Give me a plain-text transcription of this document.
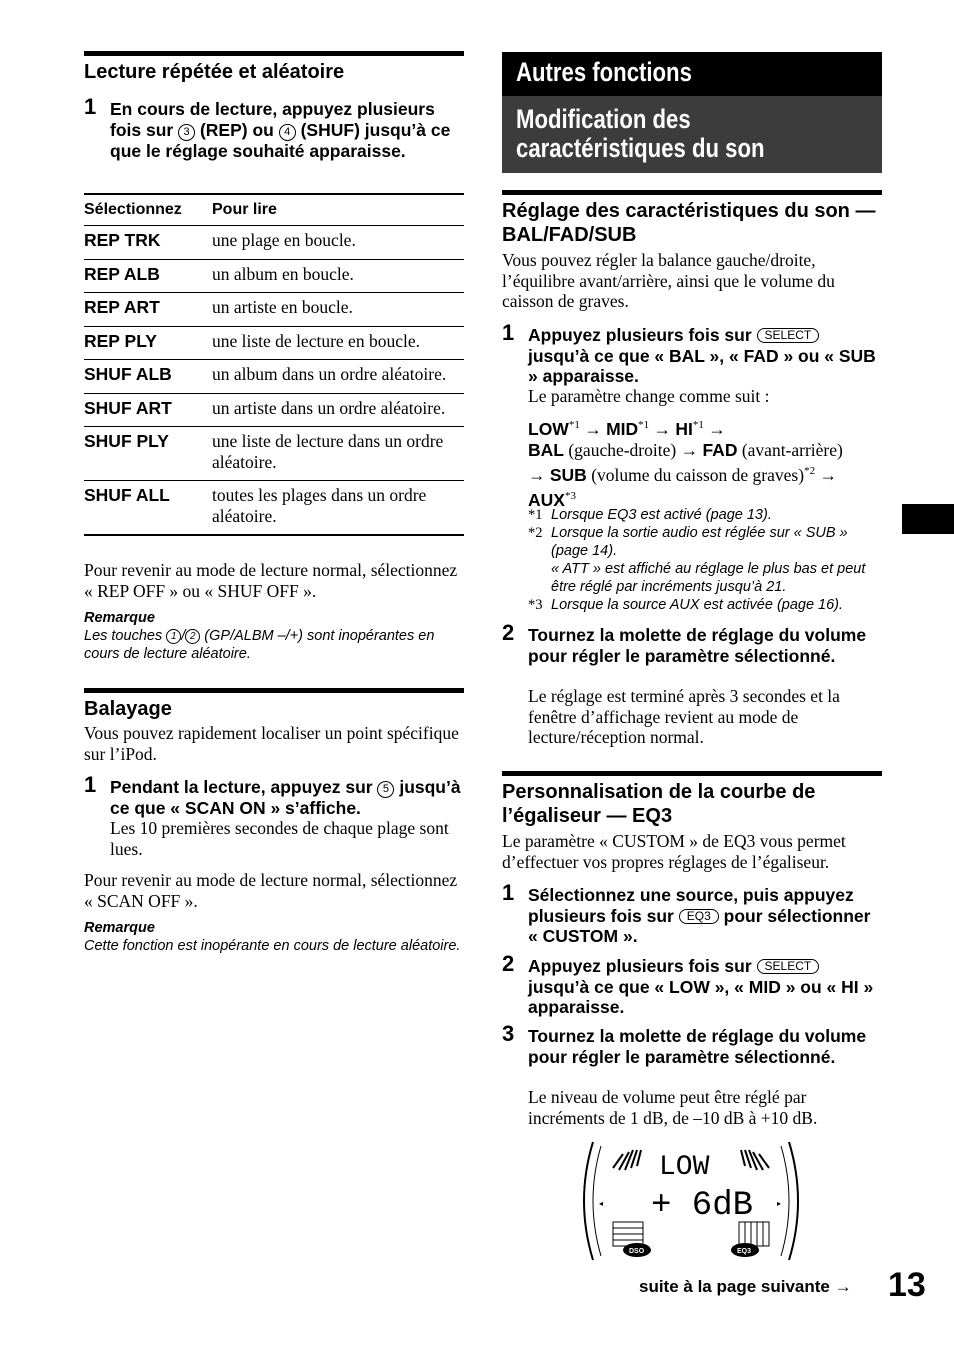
Lecture répétée et aléatoire
1 En cours de lecture, appuyez plusieurs fois sur 3 (REP) ou 4 (SHUF) jusqu’à ce que le réglage souhaité apparaisse.
Sélectionnez	Pour lire
REP TRK	une plage en boucle.
REP ALB	un album en boucle.
REP ART	un artiste en boucle.
REP PLY	une liste de lecture en boucle.
SHUF ALB	un album dans un ordre aléatoire.
SHUF ART	un artiste dans un ordre aléatoire.
SHUF PLY	une liste de lecture dans un ordre aléatoire.
SHUF ALL	toutes les plages dans un ordre aléatoire.
Pour revenir au mode de lecture normal, sélectionnez « REP OFF » ou « SHUF OFF ».
Remarque
Les touches 1 / 2 (GP/ALBM –/+) sont inopérantes en cours de lecture aléatoire.
Balayage
Vous pouvez rapidement localiser un point spécifique sur l’iPod.
1 Pendant la lecture, appuyez sur 5 jusqu’à ce que « SCAN ON » s’affiche.
Les 10 premières secondes de chaque plage sont lues.
Pour revenir au mode de lecture normal, sélectionnez « SCAN OFF ».
Remarque
Cette fonction est inopérante en cours de lecture aléatoire.
Autres fonctions
Modification des
caractéristiques du son
Réglage des caractéristiques du son — BAL/FAD/SUB
Vous pouvez régler la balance gauche/droite, l’équilibre avant/arrière, ainsi que le volume du caisson de graves.
1 Appuyez plusieurs fois sur SELECT jusqu’à ce que « BAL », « FAD » ou « SUB » apparaisse.
Le paramètre change comme suit :
$LOW^{*1} \to MID^{*1} \to HI^{*1}$ →
BAL (gauche-droite) → FAD (avant-arrière)
→ SUB (volume du caisson de graves)$^{*2}$ →
$AUX^{*3}$
*1 Lorsque EQ3 est activé (page 13).
*2 Lorsque la sortie audio est réglée sur « SUB » (page 14).
« ATT » est affiché au réglage le plus bas et peut être réglé par incréments jusqu’à 21.
*3 Lorsque la source AUX est activée (page 16).
2 Tournez la molette de réglage du volume pour régler le paramètre sélectionné.
Le réglage est terminé après 3 secondes et la fenêtre d’affichage revient au mode de lecture/réception normal.
Personnalisation de la courbe de l’égaliseur — EQ3
Le paramètre « CUSTOM » de EQ3 vous permet d’effectuer vos propres réglages de l’égaliseur.
1 Sélectionnez une source, puis appuyez plusieurs fois sur EQ3 pour sélectionner « CUSTOM ».
2 Appuyez plusieurs fois sur SELECT jusqu’à ce que « LOW », « MID » ou « HI » apparaisse.
3 Tournez la molette de réglage du volume pour régler le paramètre sélectionné.
Le niveau de volume peut être réglé par incréments de 1 dB, de –10 dB à +10 dB.
LOW
+ 6dB
◂	▸
DSO	EQ3
suite à la page suivante → 13
